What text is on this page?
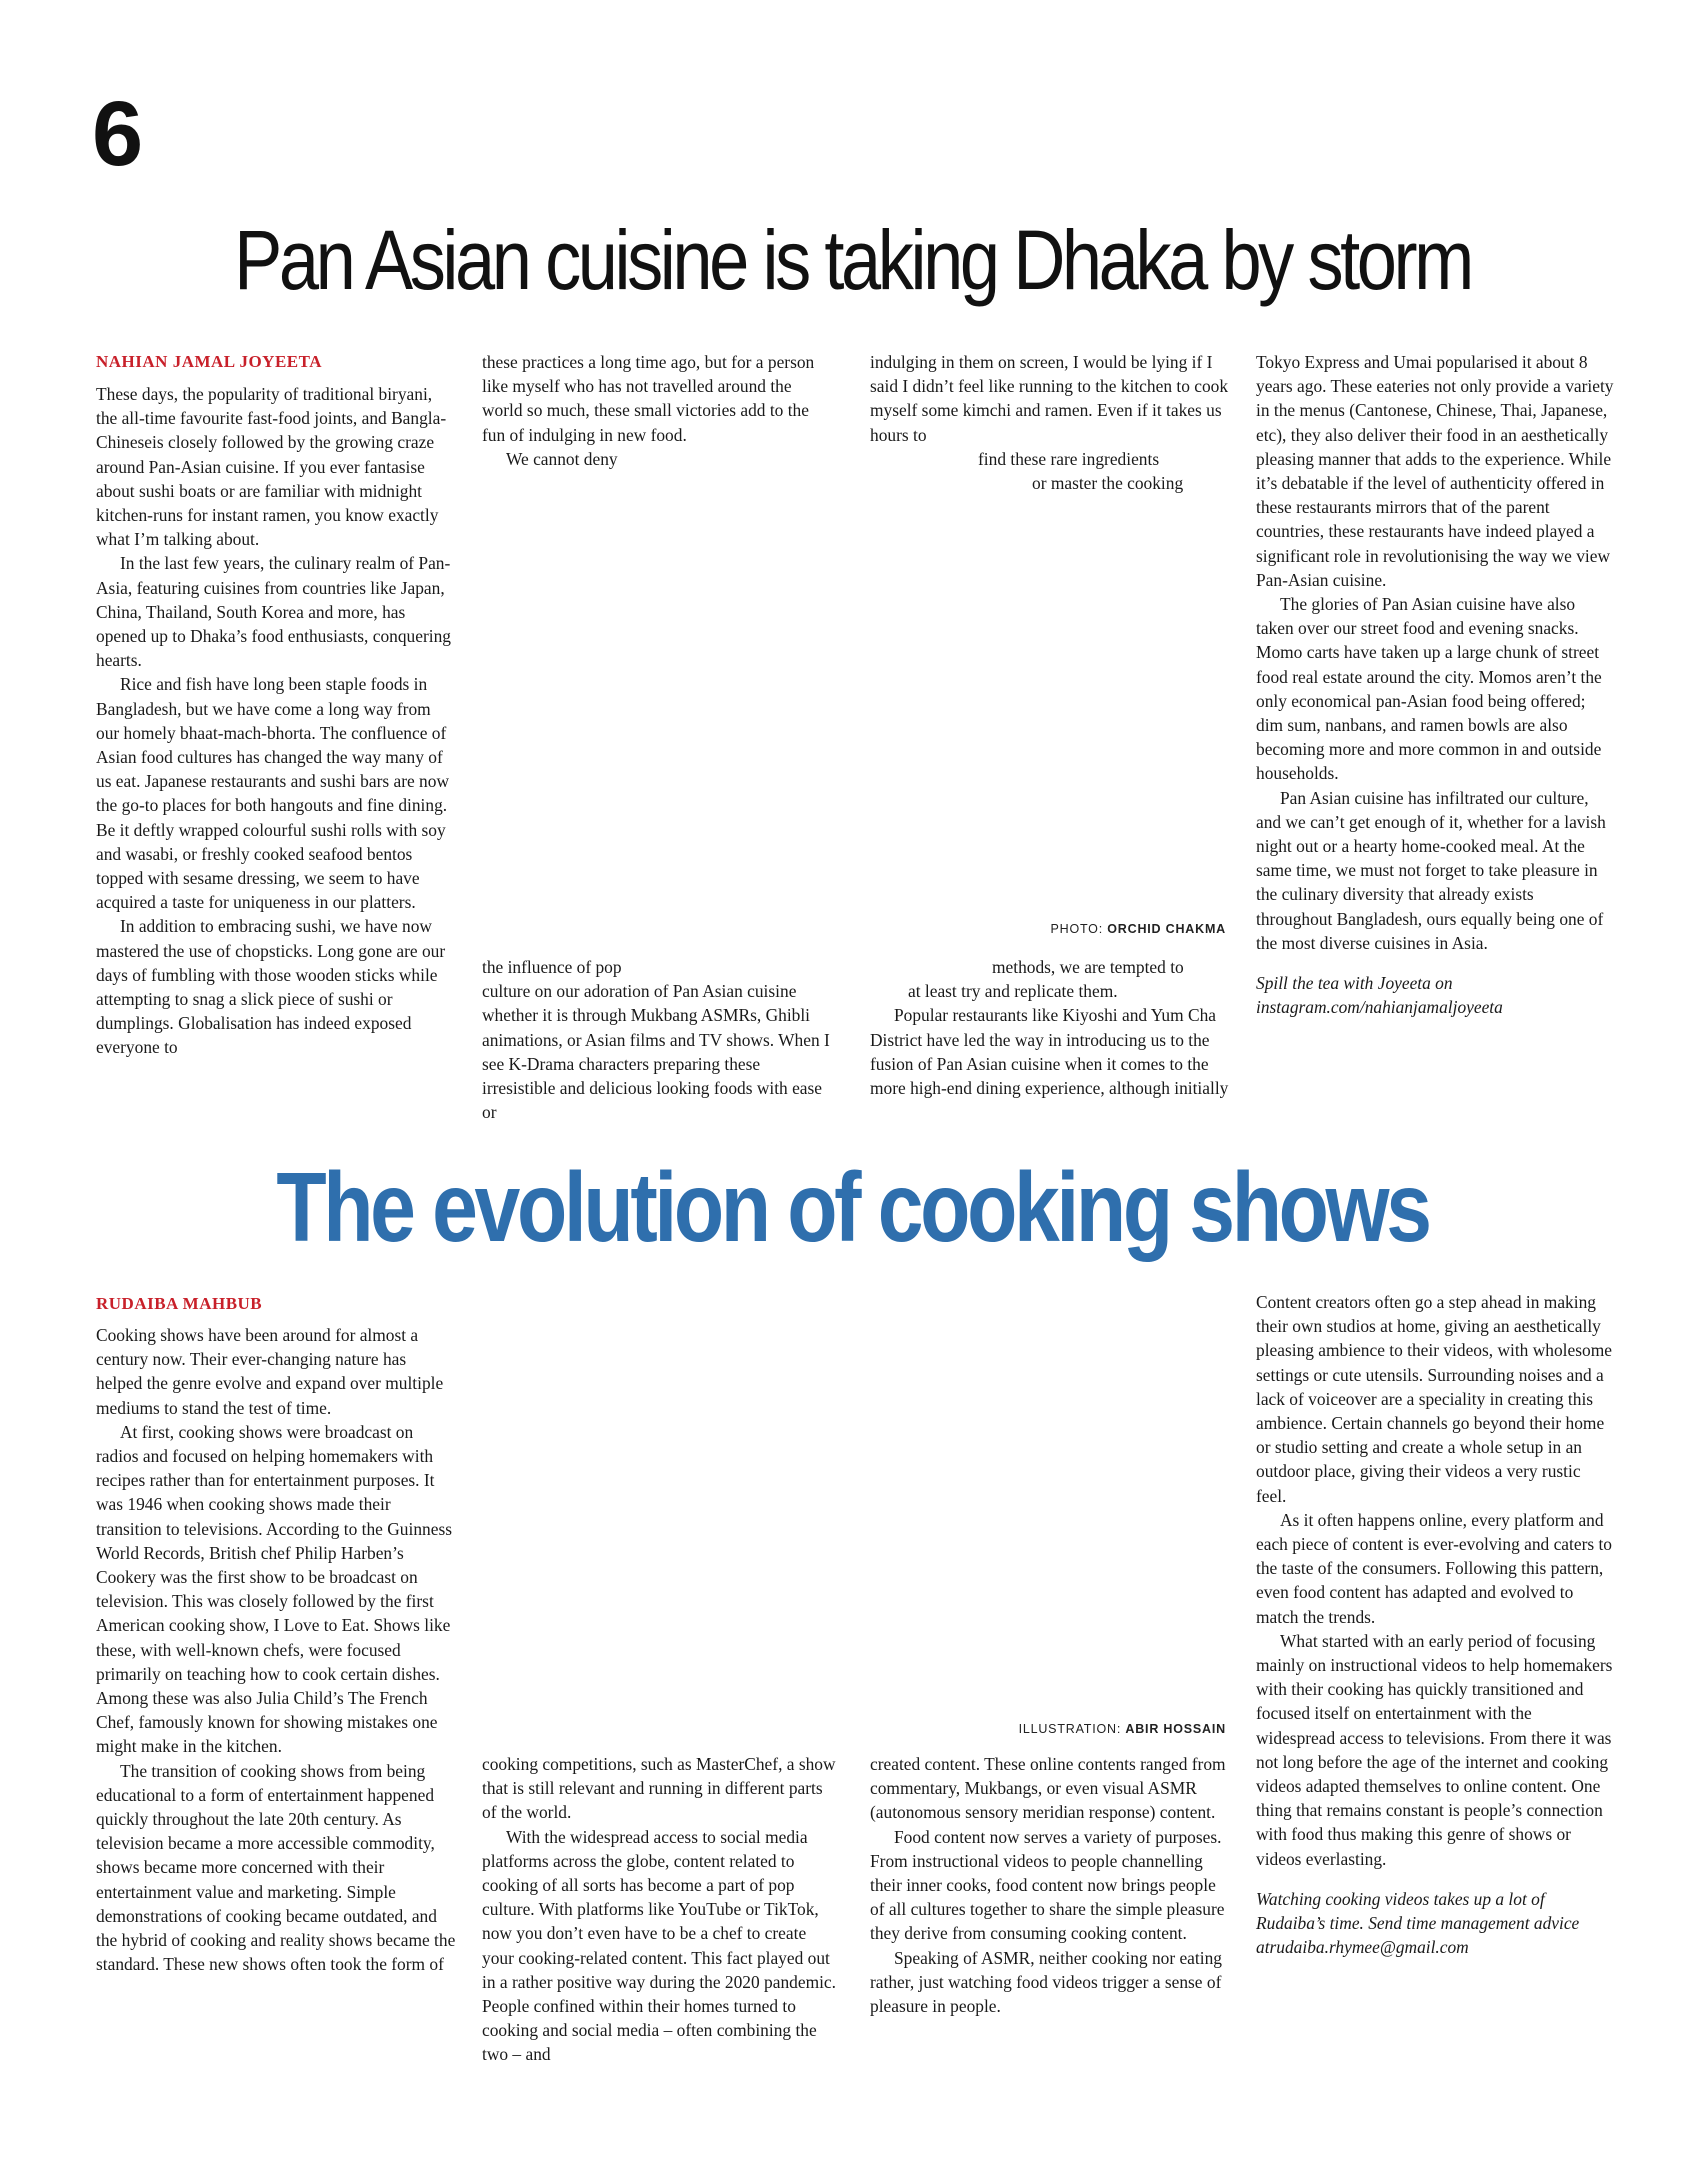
6
Pan Asian cuisine is taking Dhaka by storm
NAHIAN JAMAL JOYEETA

These days, the popularity of traditional biryani, the all-time favourite fast-food joints, and Bangla-Chineseis closely followed by the growing craze around Pan-Asian cuisine. If you ever fantasise about sushi boats or are familiar with midnight kitchen-runs for instant ramen, you know exactly what I’m talking about.

In the last few years, the culinary realm of Pan-Asia, featuring cuisines from countries like Japan, China, Thailand, South Korea and more, has opened up to Dhaka’s food enthusiasts, conquering hearts.

Rice and fish have long been staple foods in Bangladesh, but we have come a long way from our homely bhaat-mach-bhorta. The confluence of Asian food cultures has changed the way many of us eat. Japanese restaurants and sushi bars are now the go-to places for both hangouts and fine dining. Be it deftly wrapped colourful sushi rolls with soy and wasabi, or freshly cooked seafood bentos topped with sesame dressing, we seem to have acquired a taste for uniqueness in our platters.

In addition to embracing sushi, we have now mastered the use of chopsticks. Long gone are our days of fumbling with those wooden sticks while attempting to snag a slick piece of sushi or dumplings. Globalisation has indeed exposed everyone to

these practices a long time ago, but for a person like myself who has not travelled around the world so much, these small victories add to the fun of indulging in new food.

We cannot deny

indulging in them on screen, I would be lying if I said I didn’t feel like running to the kitchen to cook myself some kimchi and ramen. Even if it takes us hours to

find these rare ingredients

or master the cooking

PHOTO: ORCHID CHAKMA

the influence of pop

culture on our adoration of Pan Asian cuisine whether it is through Mukbang ASMRs, Ghibli animations, or Asian films and TV shows. When I see K-Drama characters preparing these irresistible and delicious looking foods with ease or

methods, we are tempted to

at least try and replicate them.

Popular restaurants like Kiyoshi and Yum Cha District have led the way in introducing us to the fusion of Pan Asian cuisine when it comes to the more high-end dining experience, although initially

Tokyo Express and Umai popularised it about 8 years ago. These eateries not only provide a variety in the menus (Cantonese, Chinese, Thai, Japanese, etc), they also deliver their food in an aesthetically pleasing manner that adds to the experience. While it’s debatable if the level of authenticity offered in these restaurants mirrors that of the parent countries, these restaurants have indeed played a significant role in revolutionising the way we view Pan-Asian cuisine.

The glories of Pan Asian cuisine have also taken over our street food and evening snacks. Momo carts have taken up a large chunk of street food real estate around the city. Momos aren’t the only economical pan-Asian food being offered; dim sum, nanbans, and ramen bowls are also becoming more and more common in and outside households.

Pan Asian cuisine has infiltrated our culture, and we can’t get enough of it, whether for a lavish night out or a hearty home-cooked meal. At the same time, we must not forget to take pleasure in the culinary diversity that already exists throughout Bangladesh, ours equally being one of the most diverse cuisines in Asia.

Spill the tea with Joyeeta on instagram.com/nahianjamaljoyeeta

The evolution of cooking shows
RUDAIBA MAHBUB

Cooking shows have been around for almost a century now. Their ever-changing nature has helped the genre evolve and expand over multiple mediums to stand the test of time.

At first, cooking shows were broadcast on radios and focused on helping homemakers with recipes rather than for entertainment purposes. It was 1946 when cooking shows made their transition to televisions. According to the Guinness World Records, British chef Philip Harben’s Cookery was the first show to be broadcast on television. This was closely followed by the first American cooking show, I Love to Eat. Shows like these, with well-known chefs, were focused primarily on teaching how to cook certain dishes. Among these was also Julia Child’s The French Chef, famously known for showing mistakes one might make in the kitchen.

The transition of cooking shows from being educational to a form of entertainment happened quickly throughout the late 20th century. As television became a more accessible commodity, shows became more concerned with their entertainment value and marketing. Simple demonstrations of cooking became outdated, and the hybrid of cooking and reality shows became the standard. These new shows often took the form of

ILLUSTRATION: ABIR HOSSAIN

cooking competitions, such as MasterChef, a show that is still relevant and running in different parts of the world.

With the widespread access to social media platforms across the globe, content related to cooking of all sorts has become a part of pop culture. With platforms like YouTube or TikTok, now you don’t even have to be a chef to create your cooking-related content. This fact played out in a rather positive way during the 2020 pandemic. People confined within their homes turned to cooking and social media – often combining the two – and

created content. These online contents ranged from commentary, Mukbangs, or even visual ASMR (autonomous sensory meridian response) content.

Food content now serves a variety of purposes. From instructional videos to people channelling their inner cooks, food content now brings people of all cultures together to share the simple pleasure they derive from consuming cooking content.

Speaking of ASMR, neither cooking nor eating rather, just watching food videos trigger a sense of pleasure in people.

Content creators often go a step ahead in making their own studios at home, giving an aesthetically pleasing ambience to their videos, with wholesome settings or cute utensils. Surrounding noises and a lack of voiceover are a speciality in creating this ambience. Certain channels go beyond their home or studio setting and create a whole setup in an outdoor place, giving their videos a very rustic feel.

As it often happens online, every platform and each piece of content is ever-evolving and caters to the taste of the consumers. Following this pattern, even food content has adapted and evolved to match the trends.

What started with an early period of focusing mainly on instructional videos to help homemakers with their cooking has quickly transitioned and focused itself on entertainment with the widespread access to televisions. From there it was not long before the age of the internet and cooking videos adapted themselves to online content. One thing that remains constant is people’s connection with food thus making this genre of shows or videos everlasting.

Watching cooking videos takes up a lot of Rudaiba’s time. Send time management advice atrudaiba.rhymee@gmail.com
